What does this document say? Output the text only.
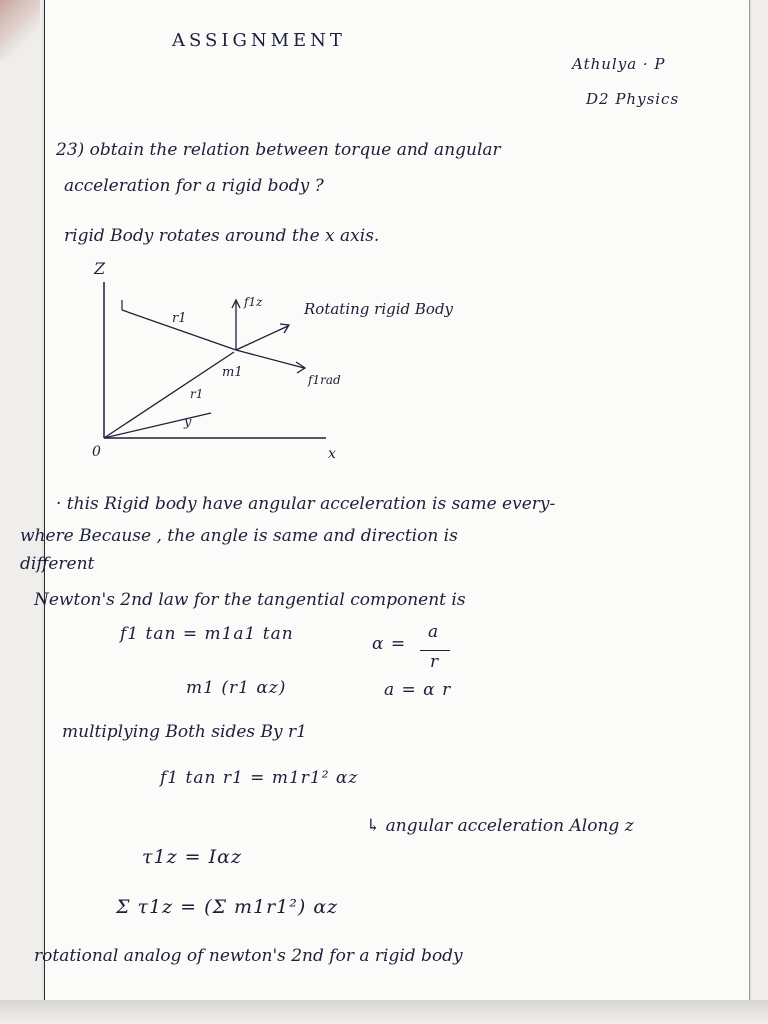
ASSIGNMENT
Athulya · P
D2 Physics
23) obtain the relation between torque and angular
acceleration for a rigid body ?
rigid Body rotates around the x axis.
Z
x
0
y
r1
r1
f1z	Rotating rigid Body
f1rad
m1
· this Rigid body have angular acceleration is same every-
where Because , the angle is same and direction is
different
Newton's 2nd law for the tangential component is
f1 tan = m1a1 tan	α =
a
r
m1 (r1 αz)	a = α r
multiplying Both sides By r1
f1 tan r1 = m1r1² αz
↳ angular acceleration Along z
τ1z = Iαz
Σ τ1z = (Σ m1r1²) αz
rotational analog of newton's 2nd for a rigid body
